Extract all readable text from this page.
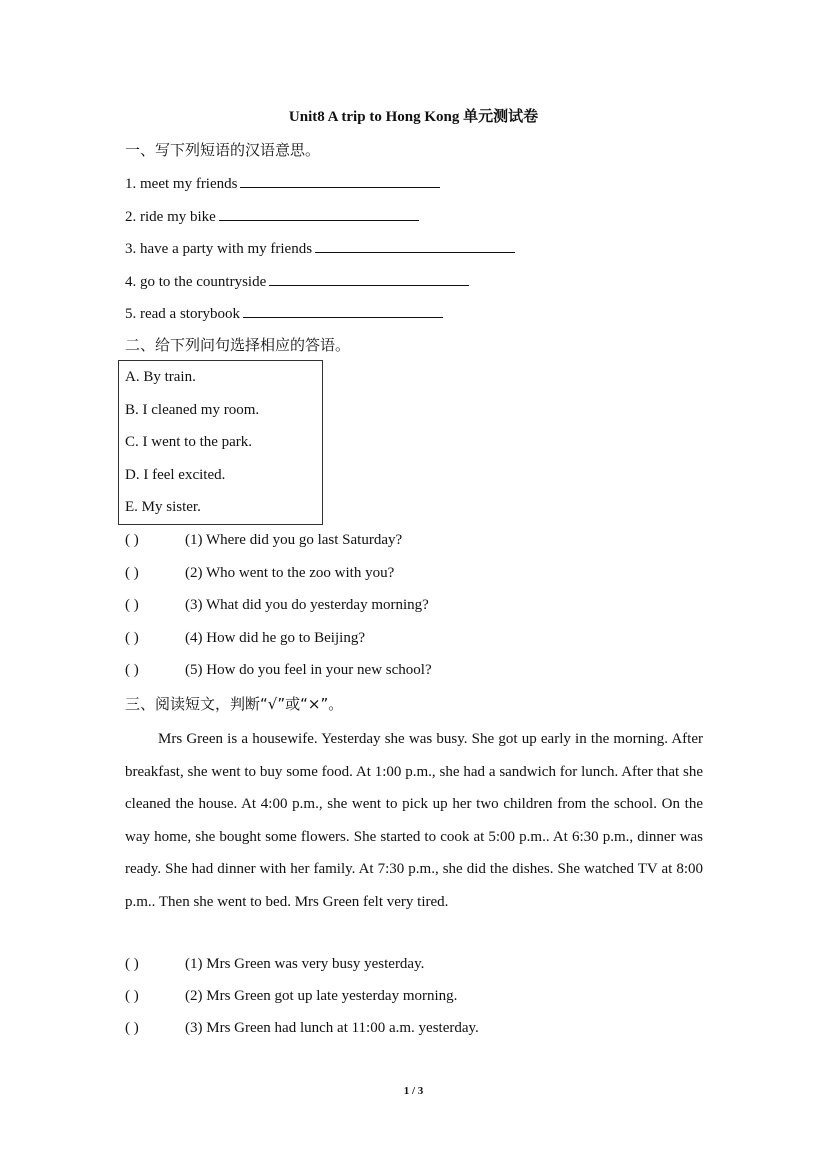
Unit8 A trip to Hong Kong 单元测试卷
一、写下列短语的汉语意思。
1. meet my friends
2. ride my bike
3. have a party with my friends
4. go to the countryside
5. read a storybook
二、给下列问句选择相应的答语。
A. By train.
B. I cleaned my room.
C. I went to the park.
D. I feel excited.
E. My sister.
( )	(1) Where did you go last Saturday?
( )	(2) Who went to the zoo with you?
( )	(3) What did you do yesterday morning?
( )	(4) How did he go to Beijing?
( )	(5) How do you feel in your new school?
三、阅读短文，判断“√”或“×”。
Mrs Green is a housewife. Yesterday she was busy. She got up early in the morning. After breakfast, she went to buy some food. At 1:00 p.m., she had a sandwich for lunch. After that she cleaned the house. At 4:00 p.m., she went to pick up her two children from the school. On the way home, she bought some flowers. She started to cook at 5:00 p.m.. At 6:30 p.m., dinner was ready. She had dinner with her family. At 7:30 p.m., she did the dishes. She watched TV at 8:00 p.m.. Then she went to bed. Mrs Green felt very tired.
( )	(1) Mrs Green was very busy yesterday.
( )	(2) Mrs Green got up late yesterday morning.
( )	(3) Mrs Green had lunch at 11:00 a.m. yesterday.
1 / 3
